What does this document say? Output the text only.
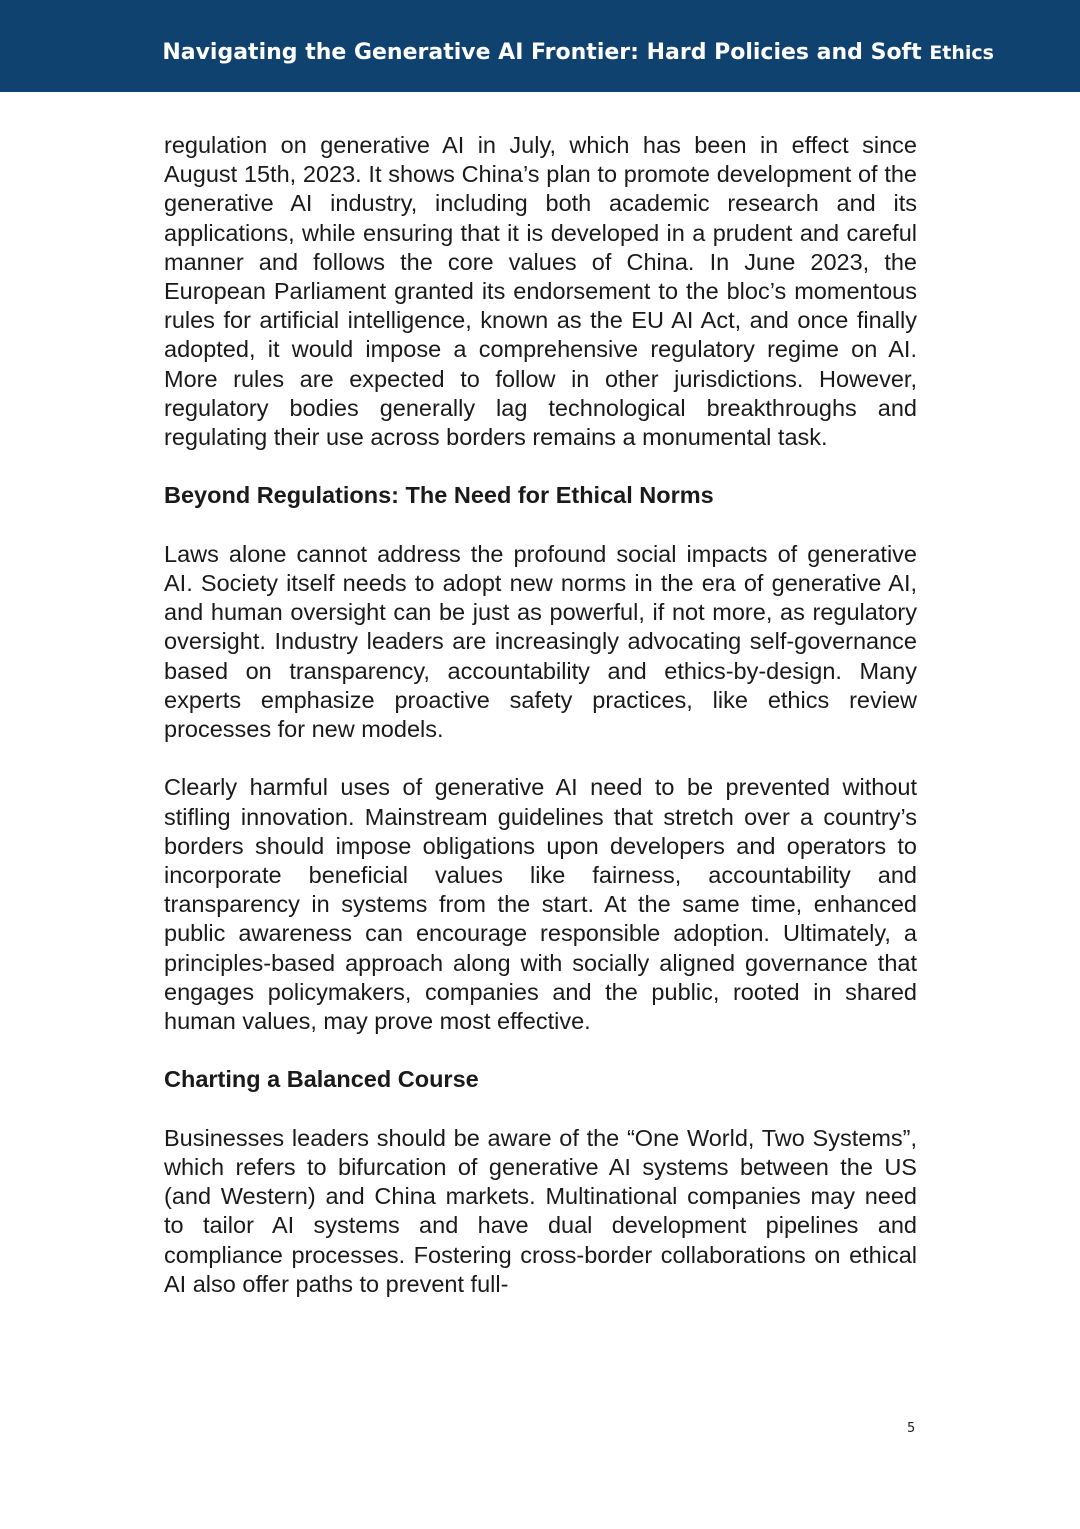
Navigating the Generative AI Frontier: Hard Policies and Soft Ethics

regulation on generative AI in July, which has been in effect since August 15th, 2023. It shows China’s plan to promote development of the generative AI industry, including both academic research and its applications, while ensuring that it is developed in a prudent and careful manner and follows the core values of China. In June 2023, the European Parliament granted its endorsement to the bloc’s momentous rules for artificial intelligence, known as the EU AI Act, and once finally adopted, it would impose a comprehensive regulatory regime on AI. More rules are expected to follow in other jurisdictions. However, regulatory bodies generally lag technological breakthroughs and regulating their use across borders remains a monumental task.

Beyond Regulations: The Need for Ethical Norms

Laws alone cannot address the profound social impacts of generative AI. Society itself needs to adopt new norms in the era of generative AI, and human oversight can be just as powerful, if not more, as regulatory oversight. Industry leaders are increasingly advocating self-governance based on transparency, accountability and ethics-by-design. Many experts emphasize proactive safety practices, like ethics review processes for new models.

Clearly harmful uses of generative AI need to be prevented without stifling innovation. Mainstream guidelines that stretch over a country’s borders should impose obligations upon developers and operators to incorporate beneficial values like fairness, accountability and transparency in systems from the start. At the same time, enhanced public awareness can encourage responsible adoption. Ultimately, a principles-based approach along with socially aligned governance that engages policymakers, companies and the public, rooted in shared human values, may prove most effective.

Charting a Balanced Course

Businesses leaders should be aware of the “One World, Two Systems”, which refers to bifurcation of generative AI systems between the US (and Western) and China markets. Multinational companies may need to tailor AI systems and have dual development pipelines and compliance processes. Fostering cross-border collaborations on ethical AI also offer paths to prevent full-

5
